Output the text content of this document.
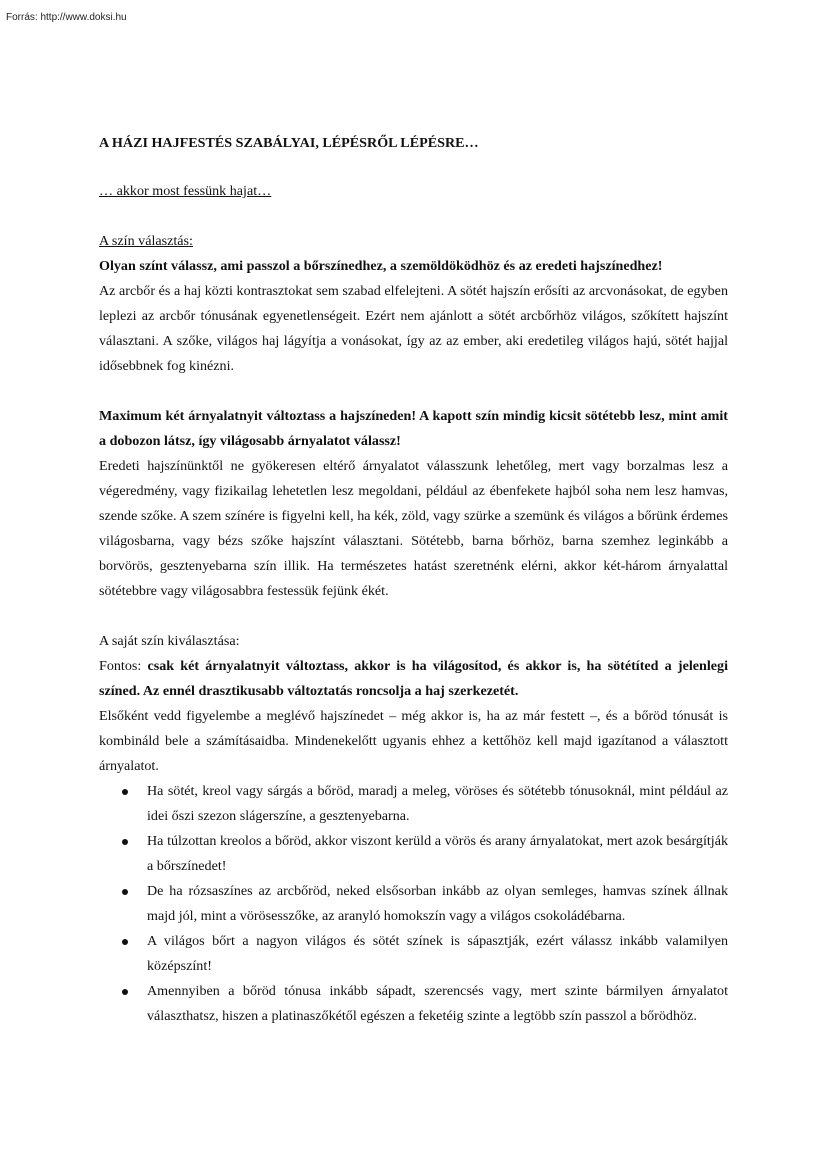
Forrás: http://www.doksi.hu
A HÁZI HAJFESTÉS SZABÁLYAI, LÉPÉSRŐL LÉPÉSRE…
… akkor most fessünk hajat…
A szín választás:

Olyan színt válassz, ami passzol a bőrszínedhez, a szemöldöködhöz és az eredeti hajszínedhez!

Az arcbőr és a haj közti kontrasztokat sem szabad elfelejteni. A sötét hajszín erősíti az arcvonásokat, de egyben leplezi az arcbőr tónusának egyenetlenségeit. Ezért nem ajánlott a sötét arcbőrhöz világos, szőkített hajszínt választani. A szőke, világos haj lágyítja a vonásokat, így az az ember, aki eredetileg világos hajú, sötét hajjal idősebbnek fog kinézni.

Maximum két árnyalatnyit változtass a hajszíneden! A kapott szín mindig kicsit sötétebb lesz, mint amit a dobozon látsz, így világosabb árnyalatot válassz!

Eredeti hajszínünktől ne gyökeresen eltérő árnyalatot válasszunk lehetőleg, mert vagy borzalmas lesz a végeredmény, vagy fizikailag lehetetlen lesz megoldani, például az ébenfekete hajból soha nem lesz hamvas, szende szőke. A szem színére is figyelni kell, ha kék, zöld, vagy szürke a szemünk és világos a bőrünk érdemes világosbarna, vagy bézs szőke hajszínt választani. Sötétebb, barna bőrhöz, barna szemhez leginkább a borvörös, gesztenyebarna szín illik. Ha természetes hatást szeretnénk elérni, akkor két-három árnyalattal sötétebbre vagy világosabbra festessük fejünk ékét.

A saját szín kiválasztása:

Fontos: csak két árnyalatnyit változtass, akkor is ha világosítod, és akkor is, ha sötétíted a jelenlegi színed. Az ennél drasztikusabb változtatás roncsolja a haj szerkezetét.

Elsőként vedd figyelembe a meglévő hajszínedet – még akkor is, ha az már festett –, és a bőröd tónusát is kombináld bele a számításaidba. Mindenekelőtt ugyanis ehhez a kettőhöz kell majd igazítanod a választott árnyalatot.

Ha sötét, kreol vagy sárgás a bőröd, maradj a meleg, vöröses és sötétebb tónusoknál, mint például az idei őszi szezon slágerszíne, a gesztenyebarna.
Ha túlzottan kreolos a bőröd, akkor viszont kerüld a vörös és arany árnyalatokat, mert azok besárgítják a bőrszínedet!
De ha rózsaszínes az arcbőröd, neked elsősorban inkább az olyan semleges, hamvas színek állnak majd jól, mint a vörösesszőke, az aranyló homokszín vagy a világos csokoládébarna.
A világos bőrt a nagyon világos és sötét színek is sápasztják, ezért válassz inkább valamilyen középszínt!
Amennyiben a bőröd tónusa inkább sápadt, szerencsés vagy, mert szinte bármilyen árnyalatot választhatsz, hiszen a platinaszőkétől egészen a feketéig szinte a legtöbb szín passzol a bőrödhöz.
